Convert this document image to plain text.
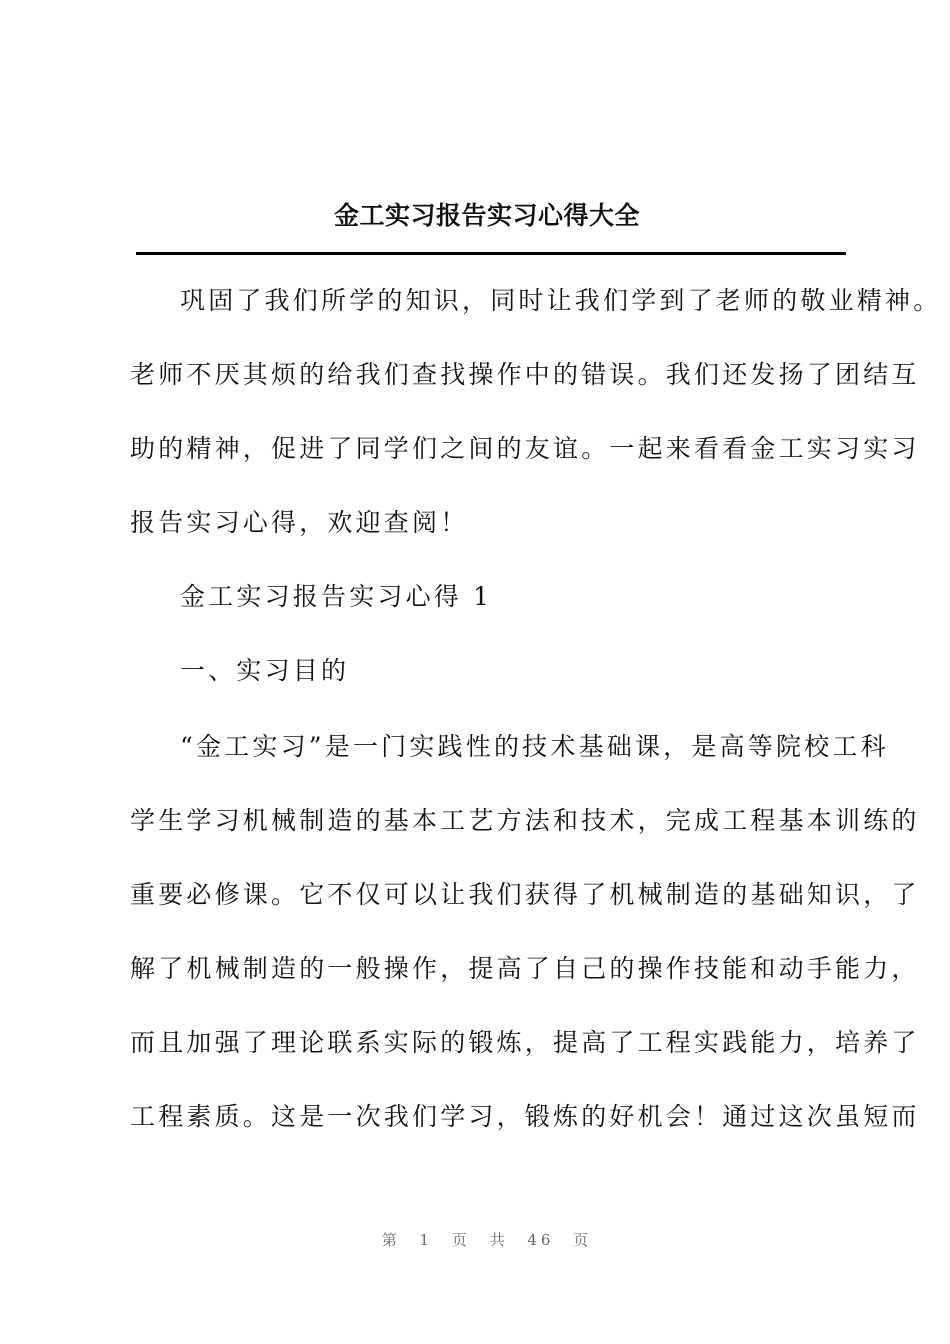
金工实习报告实习心得大全
巩固了我们所学的知识，同时让我们学到了老师的敬业精神。
老师不厌其烦的给我们查找操作中的错误。我们还发扬了团结互
助的精神，促进了同学们之间的友谊。一起来看看金工实习实习
报告实习心得，欢迎查阅！
金工实习报告实习心得 1
一、实习目的
“金工实习”是一门实践性的技术基础课，是高等院校工科
学生学习机械制造的基本工艺方法和技术，完成工程基本训练的
重要必修课。它不仅可以让我们获得了机械制造的基础知识，了
解了机械制造的一般操作，提高了自己的操作技能和动手能力，
而且加强了理论联系实际的锻炼，提高了工程实践能力，培养了
工程素质。这是一次我们学习，锻炼的好机会！通过这次虽短而
第 1 页 共 46 页
